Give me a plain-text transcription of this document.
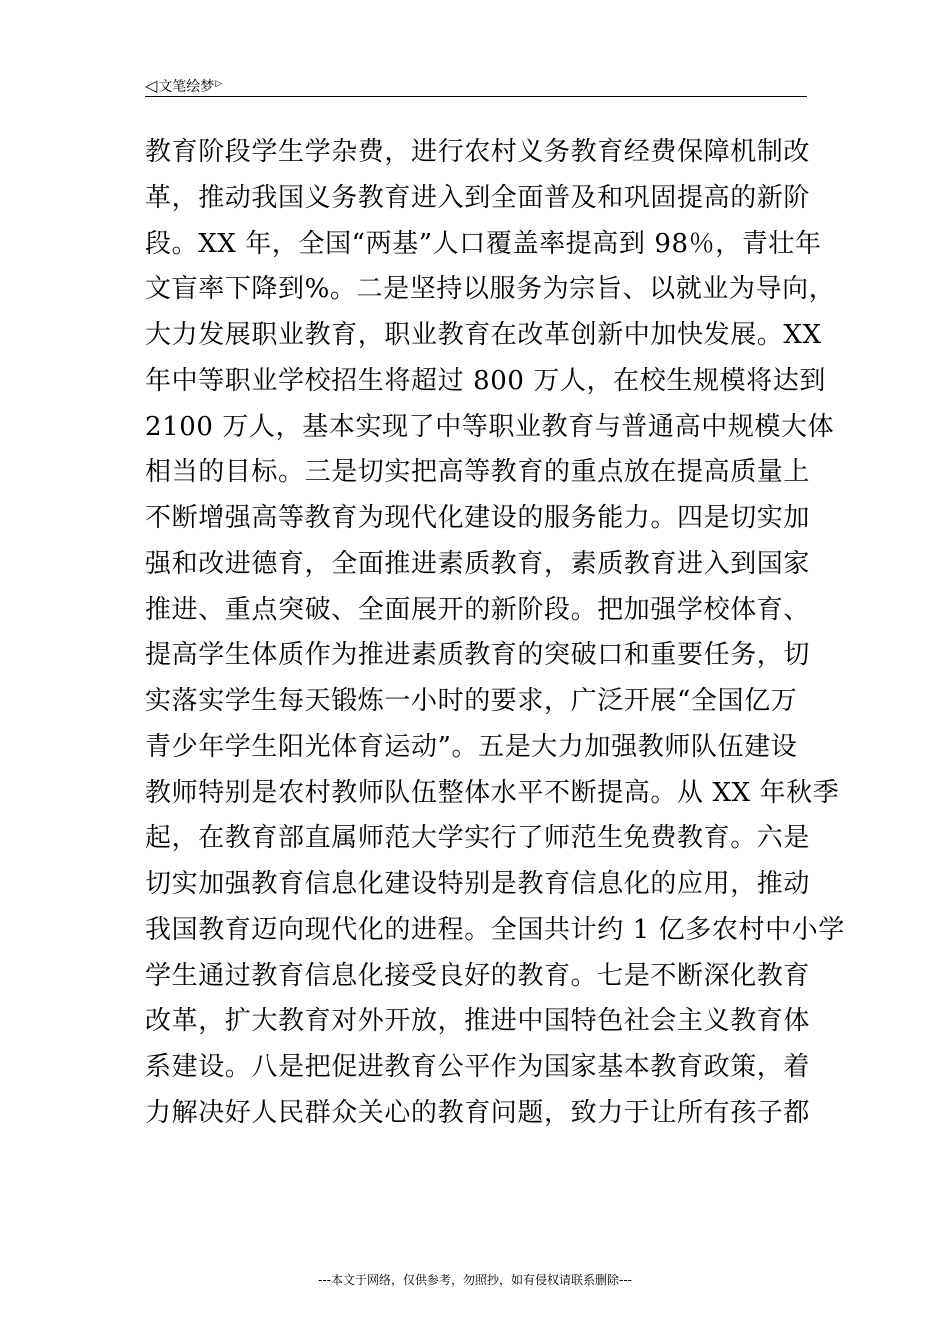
◁文笔绘梦▷
教育阶段学生学杂费，进行农村义务教育经费保障机制改
革，推动我国义务教育进入到全面普及和巩固提高的新阶
段。XX 年，全国“两基”人口覆盖率提高到 98％，青壮年
文盲率下降到%。二是坚持以服务为宗旨、以就业为导向，
大力发展职业教育，职业教育在改革创新中加快发展。XX
年中等职业学校招生将超过 800 万人，在校生规模将达到
2100 万人，基本实现了中等职业教育与普通高中规模大体
相当的目标。三是切实把高等教育的重点放在提高质量上
不断增强高等教育为现代化建设的服务能力。四是切实加
强和改进德育，全面推进素质教育，素质教育进入到国家
推进、重点突破、全面展开的新阶段。把加强学校体育、
提高学生体质作为推进素质教育的突破口和重要任务，切
实落实学生每天锻炼一小时的要求，广泛开展“全国亿万
青少年学生阳光体育运动”。五是大力加强教师队伍建设
教师特别是农村教师队伍整体水平不断提高。从 XX 年秋季
起，在教育部直属师范大学实行了师范生免费教育。六是
切实加强教育信息化建设特别是教育信息化的应用，推动
我国教育迈向现代化的进程。全国共计约 1 亿多农村中小学
学生通过教育信息化接受良好的教育。七是不断深化教育
改革，扩大教育对外开放，推进中国特色社会主义教育体
系建设。八是把促进教育公平作为国家基本教育政策，着
力解决好人民群众关心的教育问题，致力于让所有孩子都
---本文于网络，仅供参考，勿照抄，如有侵权请联系删除---
